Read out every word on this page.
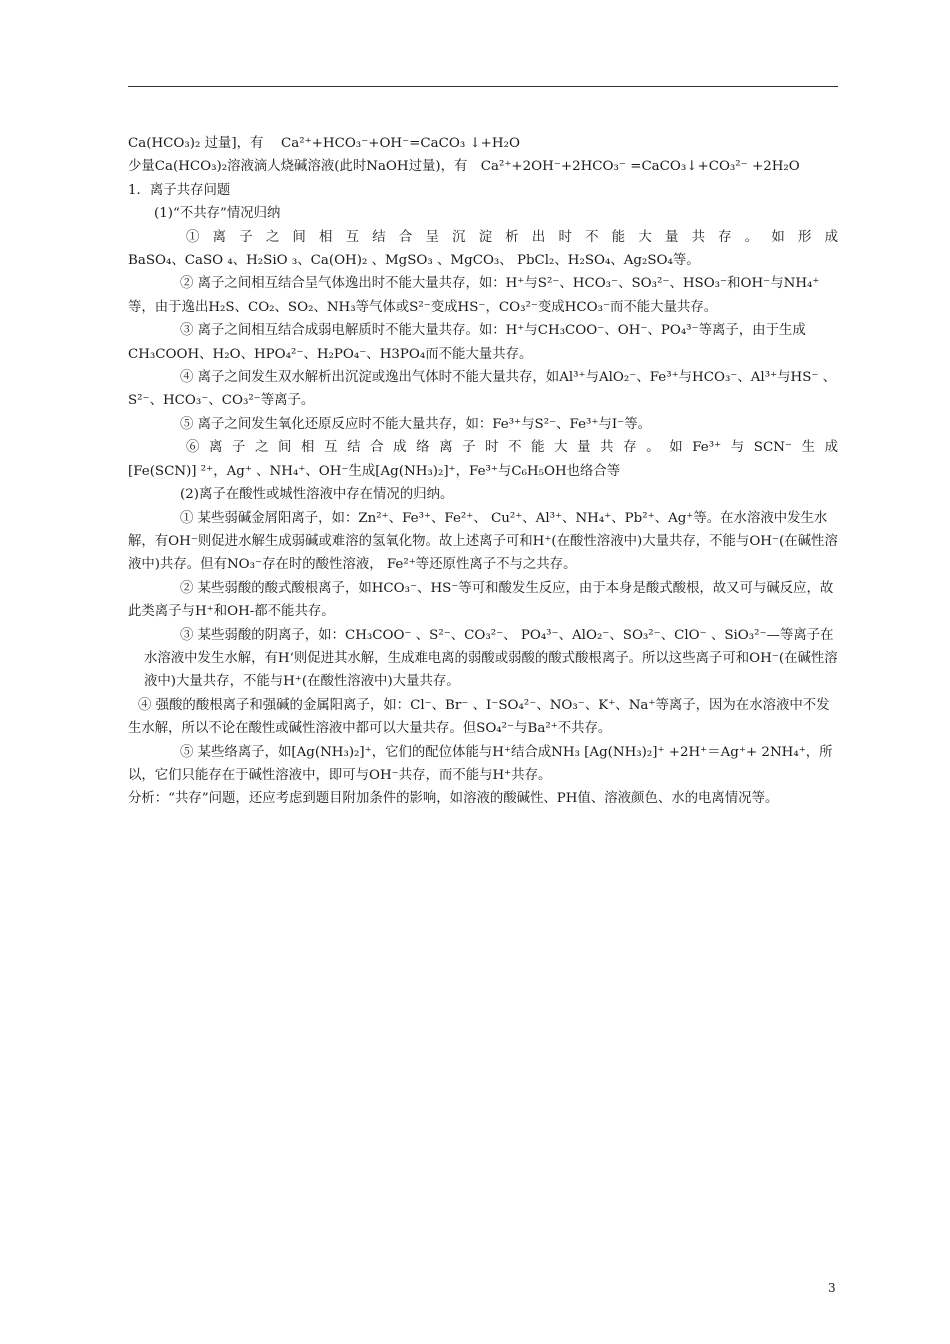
Ca(HCO₃)₂ 过量]，有　 Ca²⁺+HCO₃⁻+OH⁻=CaCO₃ ↓+H₂O

少量Ca(HCO₃)₂溶液滴人烧碱溶液(此时NaOH过量)，有　Ca²⁺+2OH⁻+2HCO₃⁻ =CaCO₃↓+CO₃²⁻ +2H₂O

1．离子共存问题

(1)“不共存”情况归纳

①离子之间相互结合呈沉淀析出时不能大量共存。如形成

BaSO₄、CaSO ₄、H₂SiO ₃、Ca(OH)₂ 、MgSO₃ 、MgCO₃、 PbCl₂、H₂SO₄、Ag₂SO₄等。

② 离子之间相互结合呈气体逸出时不能大量共存，如：H⁺与S²⁻、HCO₃⁻、SO₃²⁻、HSO₃⁻和OH⁻与NH₄⁺等，由于逸出H₂S、CO₂、SO₂、NH₃等气体或S²⁻变成HS⁻，CO₃²⁻变成HCO₃⁻而不能大量共存。

③ 离子之间相互结合成弱电解质时不能大量共存。如：H⁺与CH₃COO⁻、OH⁻、PO₄³⁻等离子，由于生成 CH₃COOH、H₂O、HPO₄²⁻、H₂PO₄⁻、H3PO₄而不能大量共存。

④ 离子之间发生双水解析出沉淀或逸出气体时不能大量共存，如Al³⁺与AlO₂⁻、Fe³⁺与HCO₃⁻、Al³⁺与HS⁻ 、S²⁻、HCO₃⁻、CO₃²⁻等离子。

⑤ 离子之间发生氧化还原反应时不能大量共存，如：Fe³⁺与S²⁻、Fe³⁺与I⁻等。

⑥离子之间相互结合成络离子时不能大量共存。如Fe³⁺与SCN⁻生成

[Fe(SCN)] ²⁺，Ag⁺ 、NH₄⁺、OH⁻生成[Ag(NH₃)₂]⁺，Fe³⁺与C₆H₅OH也络合等

(2)离子在酸性或城性溶液中存在情况的归纳。

① 某些弱碱金屑阳离子，如：Zn²⁺、Fe³⁺、Fe²⁺、 Cu²⁺、Al³⁺、NH₄⁺、Pb²⁺、Ag⁺等。在水溶液中发生水解，有OH⁻则促进水解生成弱碱或难溶的氢氧化物。故上述离子可和H⁺(在酸性溶液中)大量共存，不能与OH⁻(在碱性溶液中)共存。但有NO₃⁻存在时的酸性溶液， Fe²⁺等还原性离子不与之共存。

② 某些弱酸的酸式酸根离子，如HCO₃⁻、HS⁻等可和酸发生反应，由于本身是酸式酸根，故又可与碱反应，故此类离子与H⁺和OH-都不能共存。

③ 某些弱酸的阴离子，如：CH₃COO⁻ 、S²⁻、CO₃²⁻、 PO₄³⁻、AlO₂⁻、SO₃²⁻、ClO⁻ 、SiO₃²⁻—等离子在水溶液中发生水解，有H‘则促进其水解，生成难电离的弱酸或弱酸的酸式酸根离子。所以这些离子可和OH⁻(在碱性溶液中)大量共存，不能与H⁺(在酸性溶液中)大量共存。

④ 强酸的酸根离子和强碱的金属阳离子，如：Cl⁻、Br⁻ 、I⁻SO₄²⁻、NO₃⁻、K⁺、Na⁺等离子，因为在水溶液中不发生水解，所以不论在酸性或碱性溶液中都可以大量共存。但SO₄²⁻与Ba²⁺不共存。

⑤ 某些络离子，如[Ag(NH₃)₂]⁺，它们的配位体能与H⁺结合成NH₃ [Ag(NH₃)₂]⁺ +2H⁺＝Ag⁺+ 2NH₄⁺，所以，它们只能存在于碱性溶液中，即可与OH⁻共存，而不能与H⁺共存。

分析：“共存”问题，还应考虑到题目附加条件的影响，如溶液的酸碱性、PH值、溶液颜色、水的电离情况等。

3
